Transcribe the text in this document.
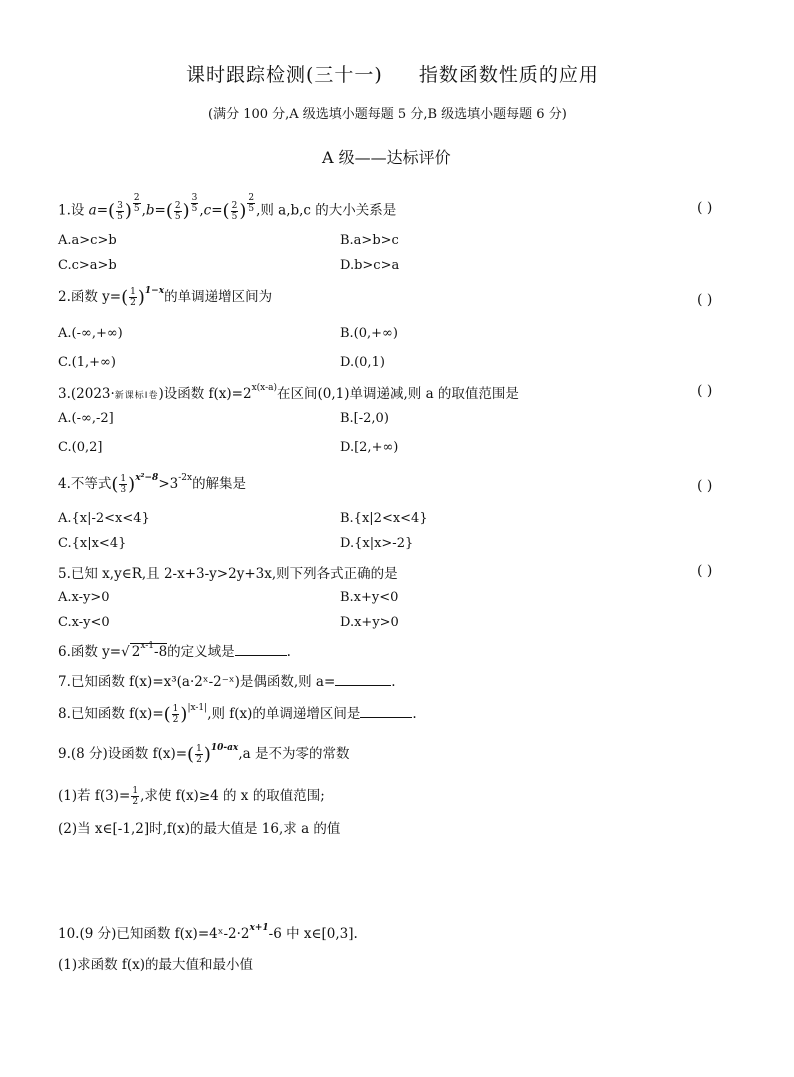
课时跟踪检测(三十一) 指数函数性质的应用
(满分 100 分,A 级选填小题每题 5 分,B 级选填小题每题 6 分)
A 级——达标评价
1.设 $a=( \frac{3}{5}$ ) $^{\frac{2}{5}}$ $,b=( \frac{2}{5}$ ) $^{\frac{3}{5}}$ $,c=( \frac{2}{5}$ ) $^{\frac{2}{5}}$ ,则 a,b,c 的大小关系是	( )
A.a>c>b	B.a>b>c
C.c>a>b	D.b>c>a
2.函数 $y=( \frac{1}{2} )^{1-x}$的单调递增区间为	( )
A.(-∞,+∞)	B.(0,+∞)
C.(1,+∞)	D.(0,1)
3.(2023·新课标Ⅰ卷)设函数 $f(x)=2^{x(x-a)}$在区间(0,1)单调递减,则 a 的取值范围是	( )
A.(-∞,-2]	B.[-2,0)
C.(0,2]	D.[2,+∞)
4.不等式( $\frac{1}{3} )^{x^2-8}>3^{-2x}$的解集是	( )
A.{x|-2<x<4}	B.{x|2<x<4}
C.{x|x<4}	D.{x|x>-2}
5.已知 x,y∈R,且 2-x+3-y>2y+3x,则下列各式正确的是	( )
A.x-y>0	B.x+y<0
C.x-y<0	D.x+y>0
6.函数 y=√ 2$^{x-1}$-8的定义域是	.
7.已知函数 f(x)=x³(a·2ˣ-2⁻ˣ)是偶函数,则 a=	.
8.已知函数 $f(x)=( \frac{1}{2} )^{|x-1|}$,则 f(x)的单调递增区间是	.
9.(8 分)设函数 $f(x)=( \frac{1}{2} )^{10-ax},a$ 是不为零的常数
(1)若 $f(3)= \frac{1}{2}$ ,求使 f(x)≥4 的 x 的取值范围;
(2)当 x∈[-1,2]时,f(x)的最大值是 16,求 a 的值
10.(9 分)已知函数 $f(x)=4ˣ-2\cdot 2^{x+1}-6$ 中 x∈[0,3].
(1)求函数 f(x)的最大值和最小值
